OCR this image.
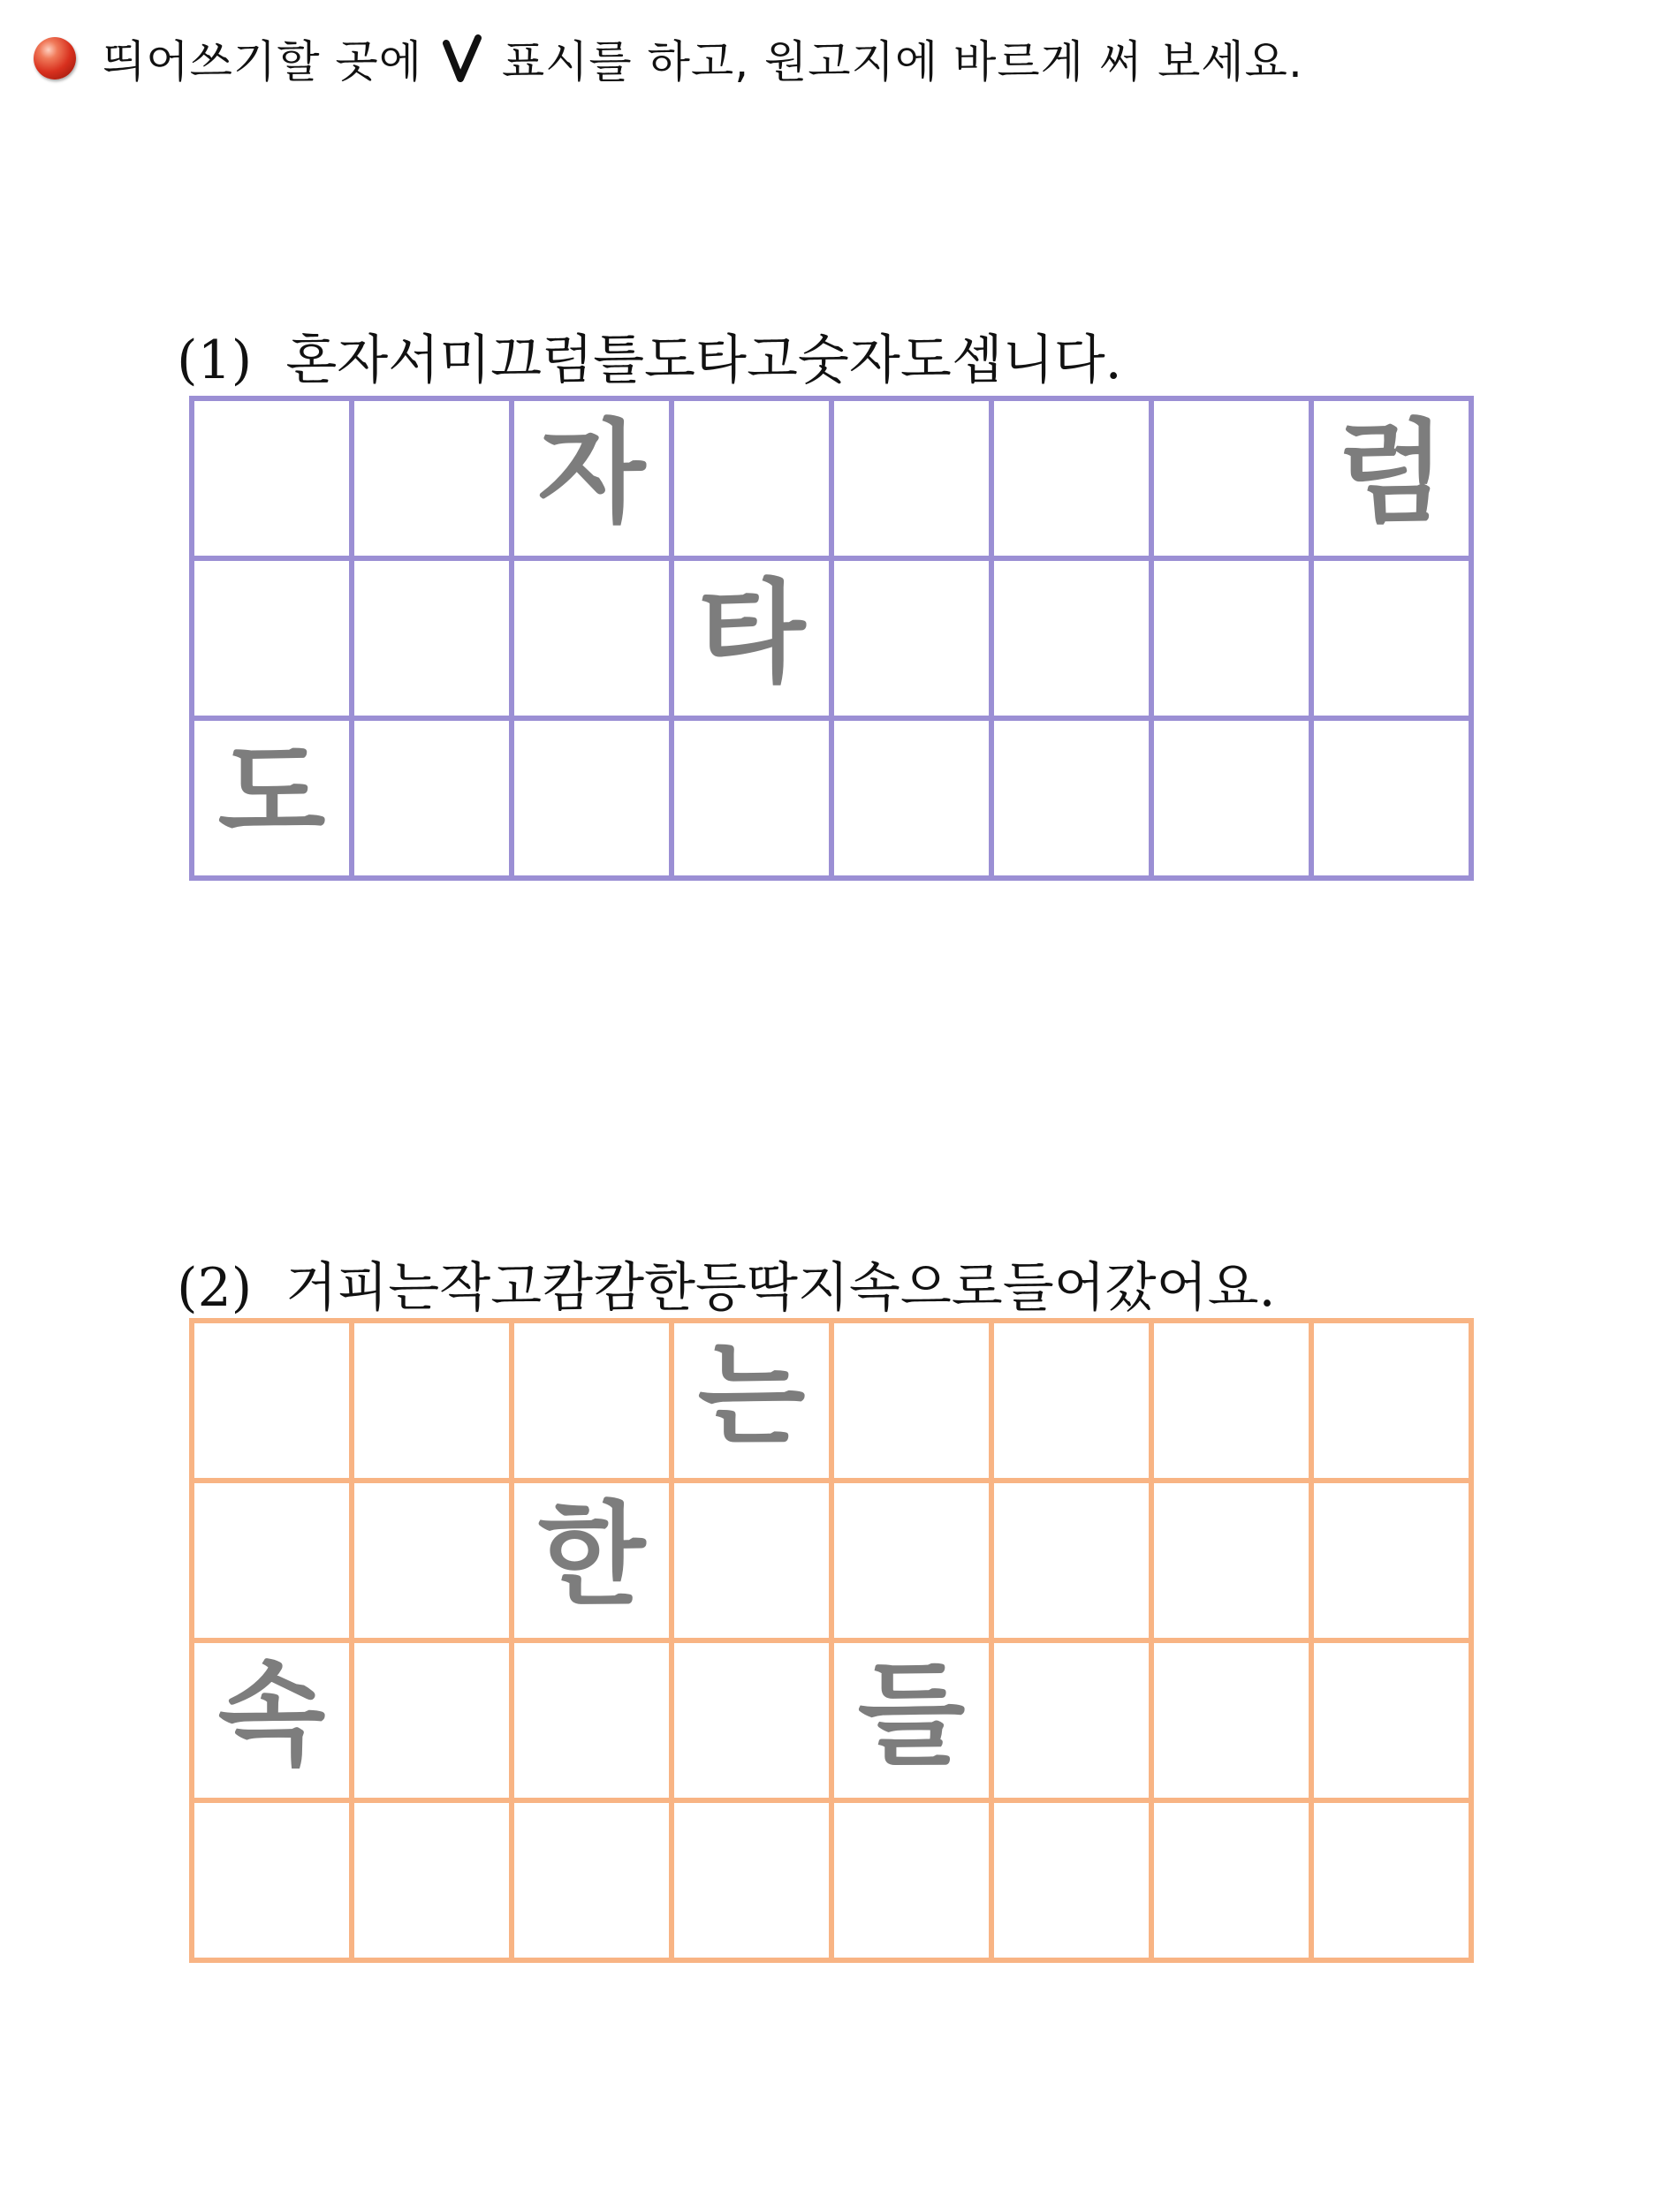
띄어쓰기할 곳에

표시를 하고, 원고지에 바르게 써 보세요.

(1) 혼자서미끄럼틀도타고숫자도셉니다.

자	럼
타
도

(2) 거피는작고캄캄한등딱지속으로들어갔어요.

는
한
속	들
